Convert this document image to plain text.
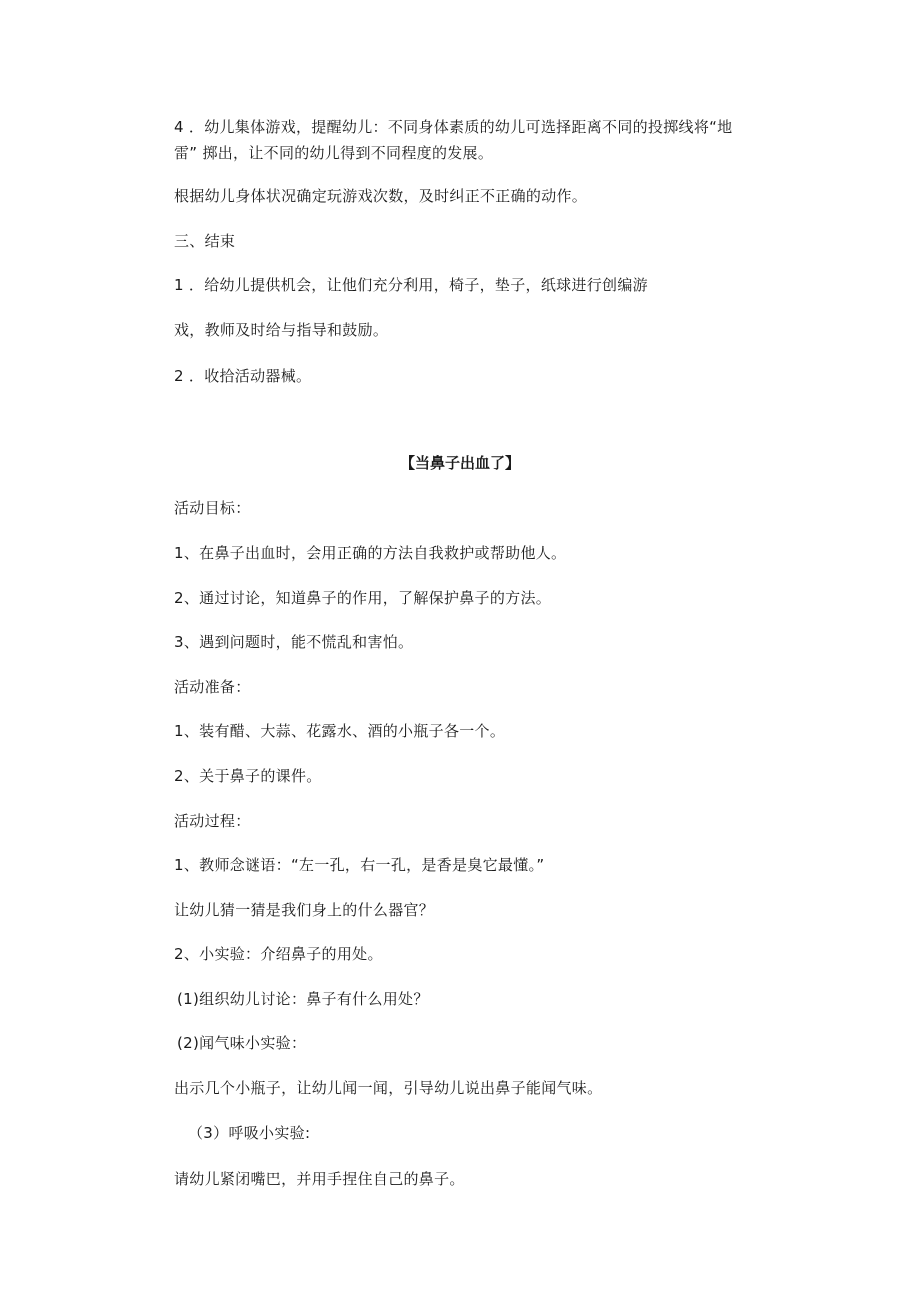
4 ．幼儿集体游戏，提醒幼儿：不同身体素质的幼儿可选择距离不同的投掷线将“地
雷” 掷出，让不同的幼儿得到不同程度的发展。
根据幼儿身体状况确定玩游戏次数，及时纠正不正确的动作。
三、结束
1 ．给幼儿提供机会，让他们充分利用，椅子，垫子，纸球进行创编游
戏，教师及时给与指导和鼓励。
2 ．收拾活动器械。
【当鼻子出血了】
活动目标：
1、在鼻子出血时，会用正确的方法自我救护或帮助他人。
2、通过讨论，知道鼻子的作用，了解保护鼻子的方法。
3、遇到问题时，能不慌乱和害怕。
活动准备：
1、装有醋、大蒜、花露水、酒的小瓶子各一个。
2、关于鼻子的课件。
活动过程：
1、教师念谜语：“左一孔，右一孔，是香是臭它最懂。”
让幼儿猜一猜是我们身上的什么器官？
2、小实验：介绍鼻子的用处。
(1)组织幼儿讨论：鼻子有什么用处？
(2)闻气味小实验：
出示几个小瓶子，让幼儿闻一闻，引导幼儿说出鼻子能闻气味。
（3）呼吸小实验:
请幼儿紧闭嘴巴，并用手捏住自己的鼻子。
